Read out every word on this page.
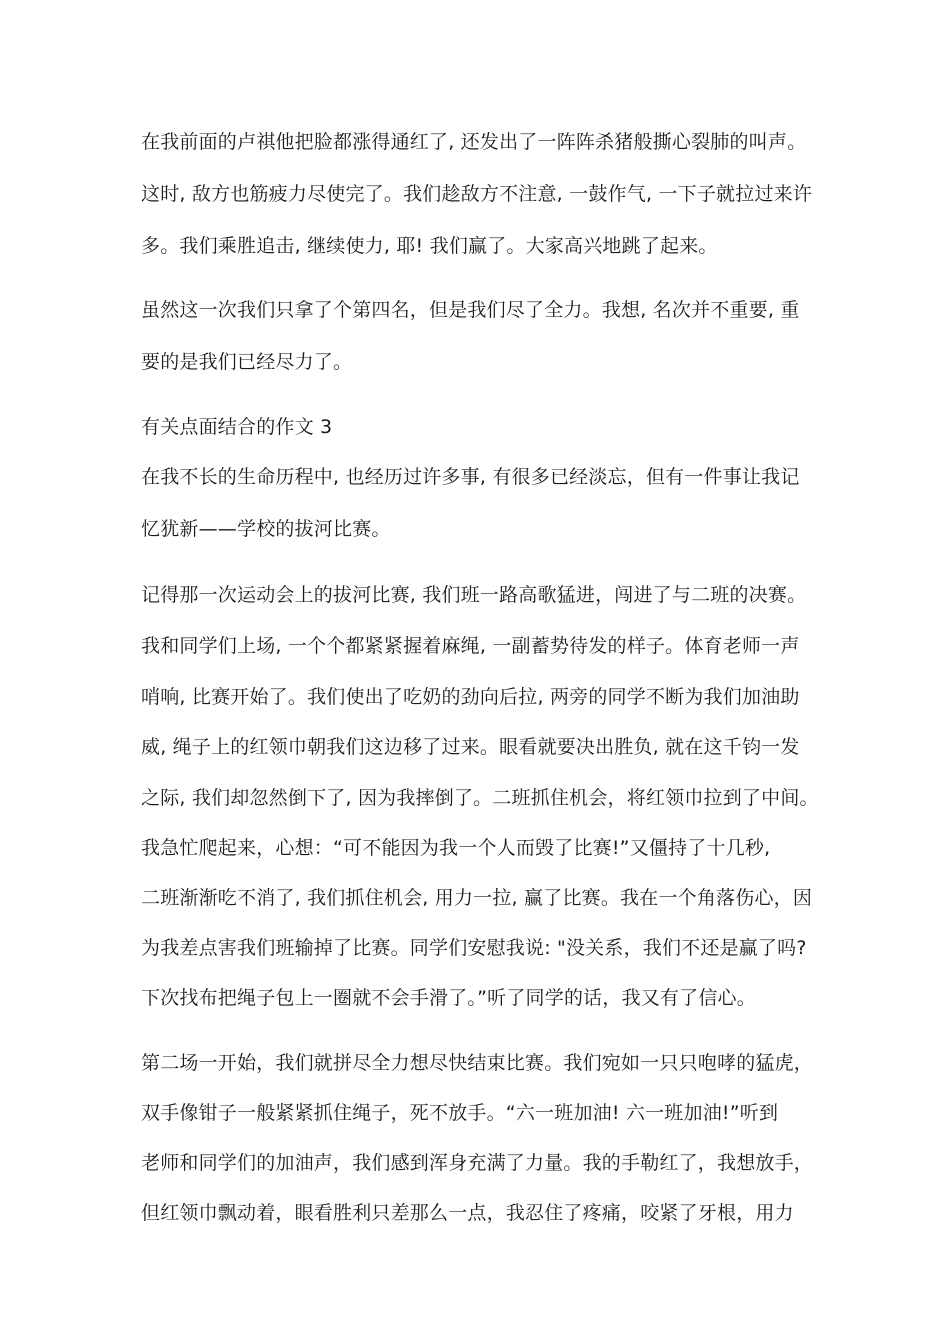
在我前面的卢祺他把脸都涨得通红了, 还发出了一阵阵杀猪般撕心裂肺的叫声。
这时, 敌方也筋疲力尽使完了。我们趁敌方不注意, 一鼓作气, 一下子就拉过来许
多。我们乘胜追击, 继续使力, 耶! 我们赢了。大家高兴地跳了起来。
虽然这一次我们只拿了个第四名，但是我们尽了全力。我想, 名次并不重要, 重
要的是我们已经尽力了。
有关点面结合的作文 3
在我不长的生命历程中, 也经历过许多事, 有很多已经淡忘，但有一件事让我记
忆犹新——学校的拔河比赛。
记得那一次运动会上的拔河比赛, 我们班一路高歌猛进，闯进了与二班的决赛。
我和同学们上场, 一个个都紧紧握着麻绳, 一副蓄势待发的样子。体育老师一声
哨响, 比赛开始了。我们使出了吃奶的劲向后拉, 两旁的同学不断为我们加油助
威, 绳子上的红领巾朝我们这边移了过来。眼看就要决出胜负, 就在这千钧一发
之际, 我们却忽然倒下了, 因为我摔倒了。二班抓住机会，将红领巾拉到了中间。
我急忙爬起来，心想：“可不能因为我一个人而毁了比赛!”又僵持了十几秒,
二班渐渐吃不消了, 我们抓住机会, 用力一拉, 赢了比赛。我在一个角落伤心，因
为我差点害我们班输掉了比赛。同学们安慰我说: "没关系，我们不还是赢了吗?
下次找布把绳子包上一圈就不会手滑了。”听了同学的话，我又有了信心。
第二场一开始，我们就拼尽全力想尽快结束比赛。我们宛如一只只咆哮的猛虎，
双手像钳子一般紧紧抓住绳子，死不放手。“六一班加油! 六一班加油!”听到
老师和同学们的加油声，我们感到浑身充满了力量。我的手勒红了，我想放手，
但红领巾飘动着，眼看胜利只差那么一点，我忍住了疼痛，咬紧了牙根，用力
